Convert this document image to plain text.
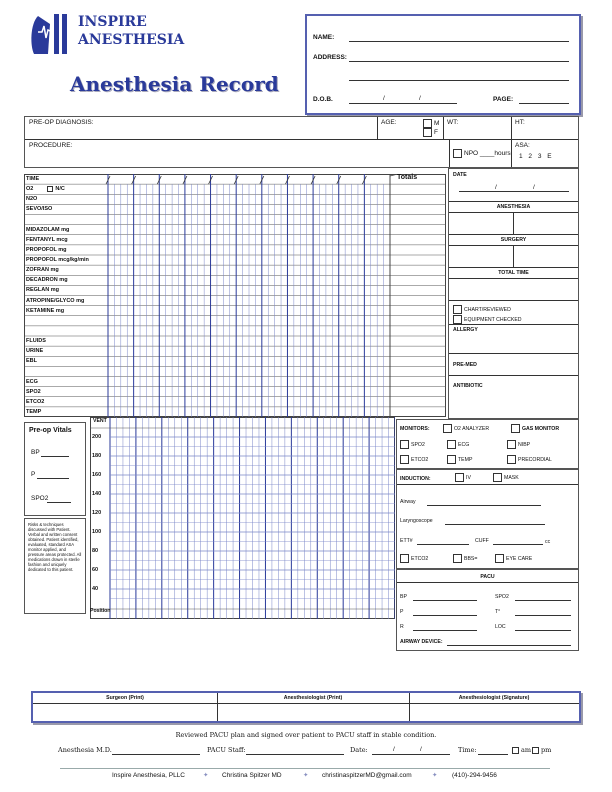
INSPIRE
ANESTHESIA
Anesthesia Record
NAME:
ADDRESS:
D.O.B.	/	/	PAGE:
PRE-OP DIAGNOSIS:	AGE:	M
F
WT:	HT:
PROCEDURE:
NPO ____hours
ASA:
1 2 3 E
TIME
O2	N/C
N2O
SEVO/ISO
MIDAZOLAM mg
FENTANYL mcg
PROPOFOL mg
PROPOFOL mcg/kg/min
ZOFRAN mg
DECADRON mg
REGLAN mg
ATROPINE/GLYCO mg
KETAMINE mg
FLUIDS
URINE
EBL
ECG
SPO2
ETCO2
TEMP
Totals	DATE
/	/
ANESTHESIA
SURGERY
TOTAL TIME
CHART/REVIEWED
EQUIPMENT CHECKED
ALLERGY
PRE-MED
ANTIBIOTIC
Pre-op Vitals
BP
P
SPO2
Risks & techniques discussed with Patient. Verbal and written consent obtained. Patient identified, evaluated, standard ASA monitor applied, and pressure areas protected. All medications drawn in sterile fashion and uniquely dedicated to this patient.
VENT
200
180
160
140
120
100
80
60
40
Position
MONITORS:	O2 ANALYZER	GAS MONITOR
SPO2	ECG	NIBP
ETCO2	TEMP	PRECORDIAL
INDUCTION:	IV	MASK
Airway
Laryngoscope
ETT#	CUFF	cc
ETCO2	BBS=	EYE CARE
PACU
BP	SPO2
P	T°
R	LOC
AIRWAY DEVICE:
Surgeon (Print)	Anesthesiologist (Print)	Anesthesiologist (Signature)
Reviewed PACU plan and signed over patient to PACU staff in stable condition.
Anesthesia M.D.	PACU Staff:	Date:	/	/	Time:	am	pm
Inspire Anesthesia, PLLC	✦ Christina Spitzer MD	✦ christinaspitzerMD@gmail.com	✦ (410)-294-9456
